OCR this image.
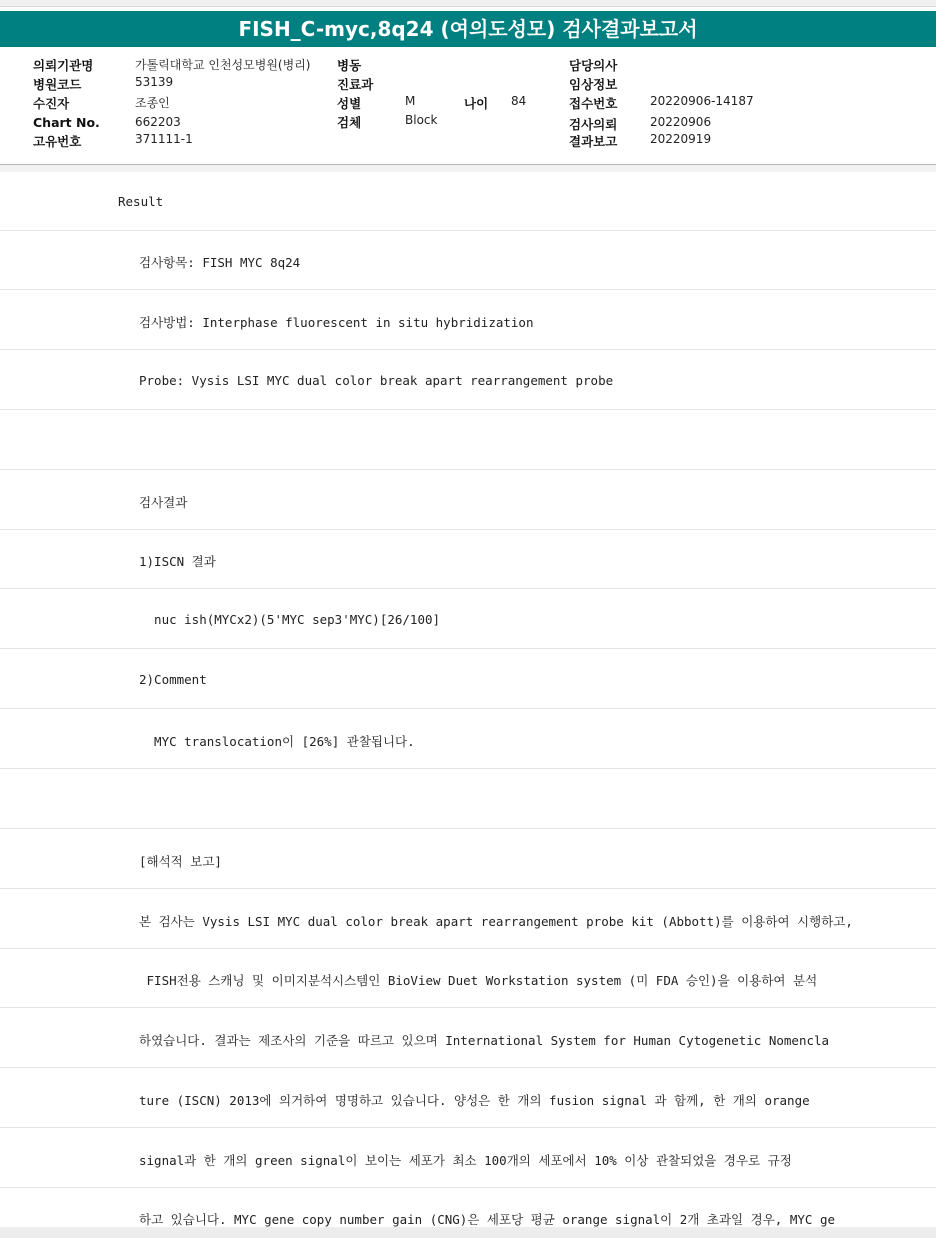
FISH_C-myc,8q24 (여의도성모) 검사결과보고서
의뢰기관명	가톨릭대학교 인천성모병원(병리)
병원코드	53139
수진자	조종인
Chart No.	662203
고유번호	371111-1
병동
진료과
성별	M	나이 84
검체	Block
담당의사
임상정보
접수번호	20220906-14187
검사의뢰	20220906
결과보고	20220919
Result
검사항목: FISH MYC 8q24
검사방법: Interphase fluorescent in situ hybridization
Probe: Vysis LSI MYC dual color break apart rearrangement probe
검사결과
1)ISCN 결과
nuc ish(MYCx2)(5'MYC sep3'MYC)[26/100]
2)Comment
MYC translocation이 [26%] 관찰됩니다.
[해석적 보고]
본 검사는 Vysis LSI MYC dual color break apart rearrangement probe kit (Abbott)를 이용하여 시행하고,
FISH전용 스캐닝 및 이미지분석시스템인 BioView Duet Workstation system (미 FDA 승인)을 이용하여 분석
하였습니다. 결과는 제조사의 기준을 따르고 있으며 International System for Human Cytogenetic Nomencla
ture (ISCN) 2013에 의거하여 명명하고 있습니다. 양성은 한 개의 fusion signal 과 함께, 한 개의 orange
signal과 한 개의 green signal이 보이는 세포가 최소 100개의 세포에서 10% 이상 관찰되었을 경우로 규정
하고 있습니다. MYC gene copy number gain (CNG)은 세포당 평균 orange signal이 2개 초과일 경우, MYC ge
